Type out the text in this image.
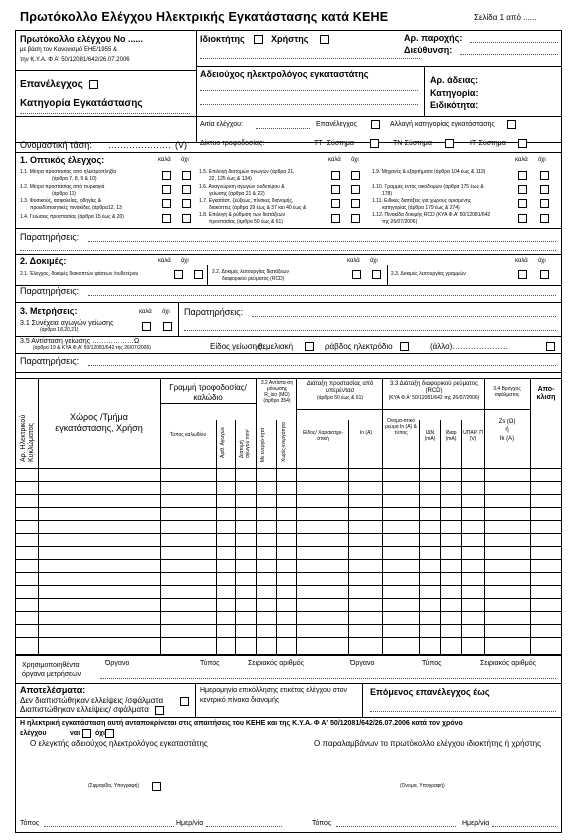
Πρωτόκολλο Ελέγχου Ηλεκτρικής Εγκατάστασης κατά ΚΕΗΕ	Σελίδα 1 από ......
Πρωτόκολλο ελέγχου Νο ......
με βάση τον Κανονισμό ΕΗΕ/1955 &
την Κ.Υ.Α. Φ Α' 50/12081/642/26.07.2006
Ιδιοκτήτης	Χρήστης	Αρ. παροχής:
Διεύθυνση:
Επανέλεγχος
Κατηγορία Εγκατάστασης
Αδειούχος ηλεκτρολόγος εγκαταστάτης
Αρ. άδειας:
Κατηγορία:
Ειδικότητα:
Αιτία ελέγχου:	Επανέλεγχος	Αλλαγή κατηγορίας εγκατάστασης
Ονομαστική τάση: ………………… (V) Δίκτυο τροφοδοσίας:	ΤΤ -Σύστημα	ΤΝ-Σύστημα	ΙΤ-Σύστημα
1. Οπτικός έλεγχος:	καλά όχι	καλά όχι	καλά όχι
1.1. Μέτρα προστασίας από ηλεκτροπληξία
(άρθρα 7, 8, 9 & 10)
1.2. Μέτρα προστασίας από πυρκαγιά
(άρθρο 11)
1.3. Φυσικούς, ασφαλείας, οδηγίες &
προειδοποιητικές πινακίδες (άρθρα12, 13
1.4. Γειώσεις προστασίας (άρθρα 15 έως & 20)
1.5. Επιλογή διατομών αγωγών (άρθρα 21,
22, 125 έως & 134)
1.6. Αναγνώριση αγωγών ουδετέρου &
γείωσης (άρθρα 21 & 22)
1.7. Εγκατάστ. ζεύξεως, πίνακες διανομής,
διακόπτες (άρθρα 29 έως & 37 και 40 έως &
1.8. Επιλογή & ρύθμιση των διατάξεων
προστασίας (άρθρα 50 έως & 61)
1.9. Μηχανές & εξαρτήματα (άρθρα 104 έως & 113)
1.10. Γραμμές εντός οικοδομών (άρθρα 175 έως &
178)
1.11. Ειδικές διατάξεις για χώρους ορισμένης
κατηγορίας (άρθρα 179 έως & 274)
1.12. Πινακίδα δοκιμής RCD (ΚΥΑ Φ.Α' 50/12081/642
της 26/07/2006)
Παρατηρήσεις:
2. Δοκιμές:	καλά όχι	καλά όχι	καλά όχι
2.1. Έλεγχος, δοκιμές διακοπτών φάσεων /ουδετέρου	2.2. Δοκιμές λειτουργίας διατάξεων
διαφορικού ρεύματος (RCD)
2.3. Δοκιμές λειτουργίας γραμμών
Παρατηρήσεις:
3. Μετρήσεις:	καλά όχι
3.1 Συνέχεια αγωγών γείωσης
(άρθρα 18,20,21)
Παρατηρήσεις:
3.5 Αντίσταση γείωσης ………………Ω
(άρθρο 19 & ΚΥΑ Φ.Α' 50/12081/642 της 26/07/2006)	Είδος γείωσης:
θεμελιακή	ράβδος ηλεκτρόδιο	(άλλο)…………………
Παρατηρήσεις:
Αρ. Ηλεκτρικού Κυκλώματος
Χώρος /Τμήμα εγκατάστασης, Χρήση
Γραμμή τροφοδοσίας/ καλώδιο
Τύπος καλωδίου	Αριθ. Αγωγών	Διατομή αγωγού mm²
3.2 Αντίστα-ση μόνωσης
R_iso (MΩ)
(άρθρο 354)
Με ενεργό-τητά	Χωρίς-ενεργότητα
Διάταξη προστασίας από υπερέντασ
(άρθρα 50 έως & 61)
Είδος/ Χαρακτηρι-στική
In (A)
3.3 Διάταξη διαφορικού ρεύματος (RCD)
(ΚΥΑ Φ.Α' 50/12081/642 της 26/07/2006)
Ονομα-στικό ρεύμα In (A) & τύπος	IΔN (mA)
Iδιαρ (mA)
UΠΑΡ. Π (V)
3.4 Βρόγχος σφάλματος
Zs (Ω)
ή
Ik (A)
Απο-κλιση
Χρησιμοποιηθέντα
όργανα μετρήσεων
Όργανο	Τύπος	Σειριακός αριθμός	Όργανο	Τύπος	Σειριακός αριθμός
Αποτελέσματα:
Δεν διαπιστώθηκαν ελλείψεις /σφάλματα
Διαπιστώθηκαν ελλείψεις/ σφάλματα
Ημερομηνία επικόλλησης ετικέτας ελέγχου στον
κεντρικό πίνακα διανομής
Επόμενος επανέλεγχος έως
Η ηλεκτρική εγκατάσταση αυτή ανταποκρίνεται στις απαιτήσεις του ΚΕΗΕ και της Κ.Υ.Α. Φ Α' 50/12081/642/26.07.2006 κατά τον χρόνο
ελέγχου	ναι όχι
Ο ελεγκτής αδειούχος ηλεκτρολόγος εγκαταστάτης	Ο παραλαμβάνων το πρωτόκολλο ελέγχου ιδιοκτήτης ή χρήστης
(Σφραγίδα, Υπογραφή)	(Ονομα, Υπογραφή)
Τόπος	Ημερ/νία	Τόπος	Ημερ/νία
